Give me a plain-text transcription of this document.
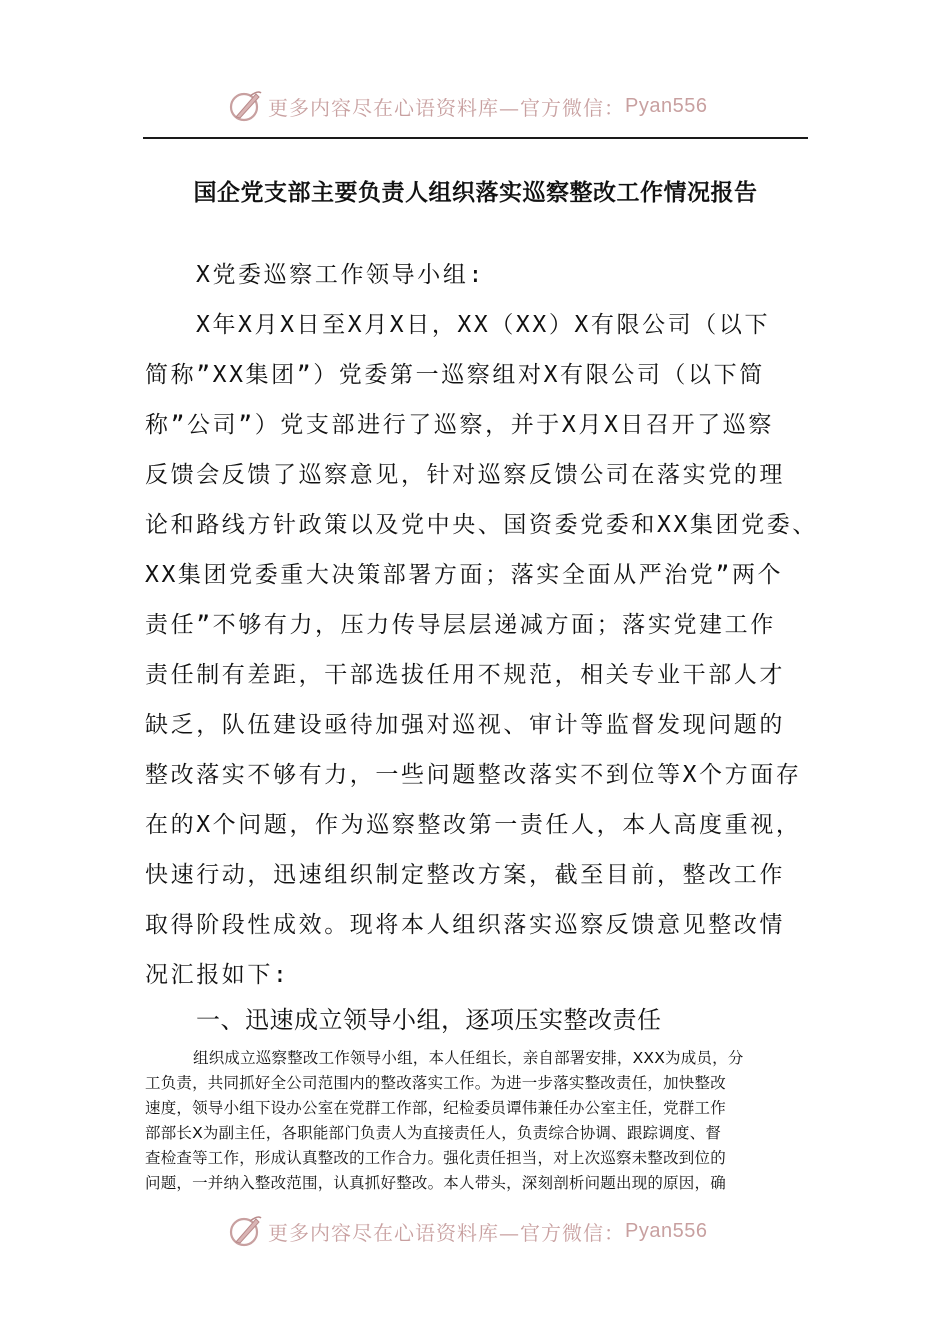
更多内容尽在心语资料库—官方微信： Pyan556
国企党支部主要负责人组织落实巡察整改工作情况报告
X党委巡察工作领导小组:
X年X月X日至X月X日，XX（XX）X有限公司（以下
简称”XX集团”）党委第一巡察组对X有限公司（以下简
称”公司”）党支部进行了巡察，并于X月X日召开了巡察
反馈会反馈了巡察意见，针对巡察反馈公司在落实党的理
论和路线方针政策以及党中央、国资委党委和XX集团党委、
XX集团党委重大决策部署方面；落实全面从严治党”两个
责任”不够有力，压力传导层层递减方面；落实党建工作
责任制有差距，干部选拔任用不规范，相关专业干部人才
缺乏，队伍建设亟待加强对巡视、审计等监督发现问题的
整改落实不够有力，一些问题整改落实不到位等X个方面存
在的X个问题，作为巡察整改第一责任人，本人高度重视，
快速行动，迅速组织制定整改方案，截至目前，整改工作
取得阶段性成效。现将本人组织落实巡察反馈意见整改情
况汇报如下:
一、迅速成立领导小组，逐项压实整改责任
组织成立巡察整改工作领导小组，本人任组长，亲自部署安排，XXX为成员，分
工负责，共同抓好全公司范围内的整改落实工作。为进一步落实整改责任，加快整改
速度，领导小组下设办公室在党群工作部，纪检委员谭伟兼任办公室主任，党群工作
部部长X为副主任，各职能部门负责人为直接责任人，负责综合协调、跟踪调度、督
查检查等工作，形成认真整改的工作合力。强化责任担当，对上次巡察未整改到位的
问题，一并纳入整改范围，认真抓好整改。本人带头，深刻剖析问题出现的原因，确
更多内容尽在心语资料库—官方微信： Pyan556
